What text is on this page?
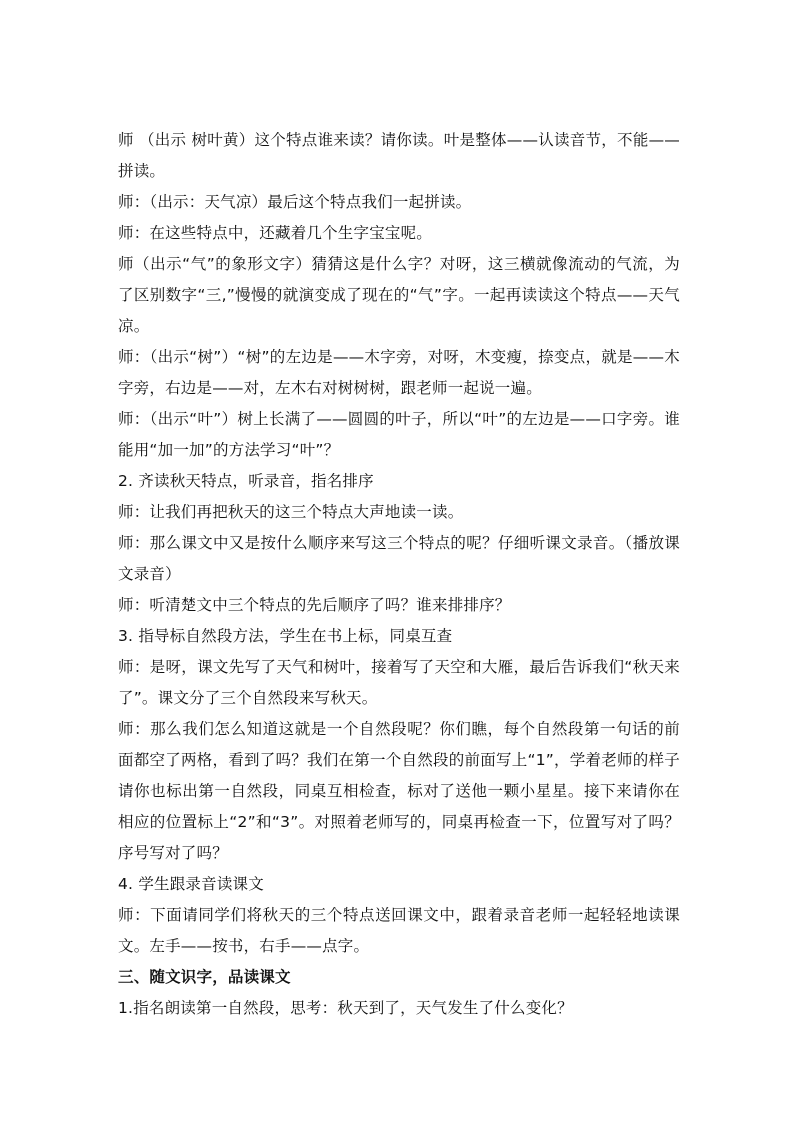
师 （出示 树叶黄）这个特点谁来读？请你读。叶是整体——认读音节，不能——拼读。

师：（出示：天气凉）最后这个特点我们一起拼读。

师：在这些特点中，还藏着几个生字宝宝呢。

师（出示“气”的象形文字）猜猜这是什么字？对呀，这三横就像流动的气流，为了区别数字“三,”慢慢的就演变成了现在的“气”字。一起再读读这个特点——天气凉。

师：（出示“树”）“树”的左边是——木字旁，对呀，木变瘦，捺变点，就是——木字旁，右边是——对，左木右对树树树，跟老师一起说一遍。

师：（出示“叶”）树上长满了——圆圆的叶子，所以“叶”的左边是——口字旁。谁能用“加一加”的方法学习“叶”？

2. 齐读秋天特点，听录音，指名排序

师：让我们再把秋天的这三个特点大声地读一读。

师：那么课文中又是按什么顺序来写这三个特点的呢？仔细听课文录音。（播放课文录音）

师：听清楚文中三个特点的先后顺序了吗？谁来排排序？

3. 指导标自然段方法，学生在书上标，同桌互查

师：是呀，课文先写了天气和树叶，接着写了天空和大雁，最后告诉我们“秋天来了”。课文分了三个自然段来写秋天。

师：那么我们怎么知道这就是一个自然段呢？你们瞧，每个自然段第一句话的前面都空了两格，看到了吗？我们在第一个自然段的前面写上“1”，学着老师的样子请你也标出第一自然段，同桌互相检查，标对了送他一颗小星星。接下来请你在相应的位置标上“2”和“3”。对照着老师写的，同桌再检查一下，位置写对了吗？序号写对了吗？

4. 学生跟录音读课文

师：下面请同学们将秋天的三个特点送回课文中，跟着录音老师一起轻轻地读课文。左手——按书，右手——点字。

三、随文识字，品读课文

1.指名朗读第一自然段，思考：秋天到了，天气发生了什么变化？
